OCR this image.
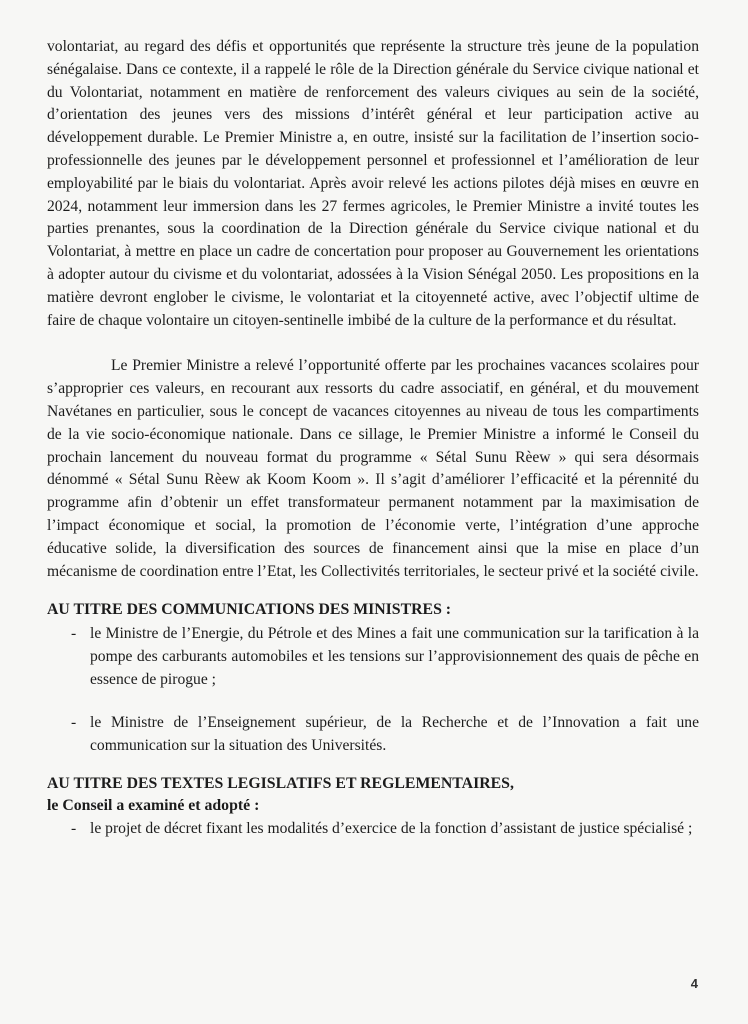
volontariat, au regard des défis et opportunités que représente la structure très jeune de la population sénégalaise. Dans ce contexte, il a rappelé le rôle de la Direction générale du Service civique national et du Volontariat, notamment en matière de renforcement des valeurs civiques au sein de la société, d’orientation des jeunes vers des missions d’intérêt général et leur participation active au développement durable. Le Premier Ministre a, en outre, insisté sur la facilitation de l’insertion socio-professionnelle des jeunes par le développement personnel et professionnel et l’amélioration de leur employabilité par le biais du volontariat. Après avoir relevé les actions pilotes déjà mises en œuvre en 2024, notamment leur immersion dans les 27 fermes agricoles, le Premier Ministre a invité toutes les parties prenantes, sous la coordination de la Direction générale du Service civique national et du Volontariat, à mettre en place un cadre de concertation pour proposer au Gouvernement les orientations à adopter autour du civisme et du volontariat, adossées à la Vision Sénégal 2050. Les propositions en la matière devront englober le civisme, le volontariat et la citoyenneté active, avec l’objectif ultime de faire de chaque volontaire un citoyen-sentinelle imbibé de la culture de la performance et du résultat.

Le Premier Ministre a relevé l’opportunité offerte par les prochaines vacances scolaires pour s’approprier ces valeurs, en recourant aux ressorts du cadre associatif, en général, et du mouvement Navétanes en particulier, sous le concept de vacances citoyennes au niveau de tous les compartiments de la vie socio-économique nationale. Dans ce sillage, le Premier Ministre a informé le Conseil du prochain lancement du nouveau format du programme « Sétal Sunu Rèew » qui sera désormais dénommé « Sétal Sunu Rèew ak Koom Koom ». Il s’agit d’améliorer l’efficacité et la pérennité du programme afin d’obtenir un effet transformateur permanent notamment par la maximisation de l’impact économique et social, la promotion de l’économie verte, l’intégration d’une approche éducative solide, la diversification des sources de financement ainsi que la mise en place d’un mécanisme de coordination entre l’Etat, les Collectivités territoriales, le secteur privé et la société civile.

AU TITRE DES COMMUNICATIONS DES MINISTRES :

- le Ministre de l’Energie, du Pétrole et des Mines a fait une communication sur la tarification à la pompe des carburants automobiles et les tensions sur l’approvisionnement des quais de pêche en essence de pirogue ;
- le Ministre de l’Enseignement supérieur, de la Recherche et de l’Innovation a fait une communication sur la situation des Universités.

AU TITRE DES TEXTES LEGISLATIFS ET REGLEMENTAIRES,

le Conseil a examiné et adopté :

- le projet de décret fixant les modalités d’exercice de la fonction d’assistant de justice spécialisé ;
4
